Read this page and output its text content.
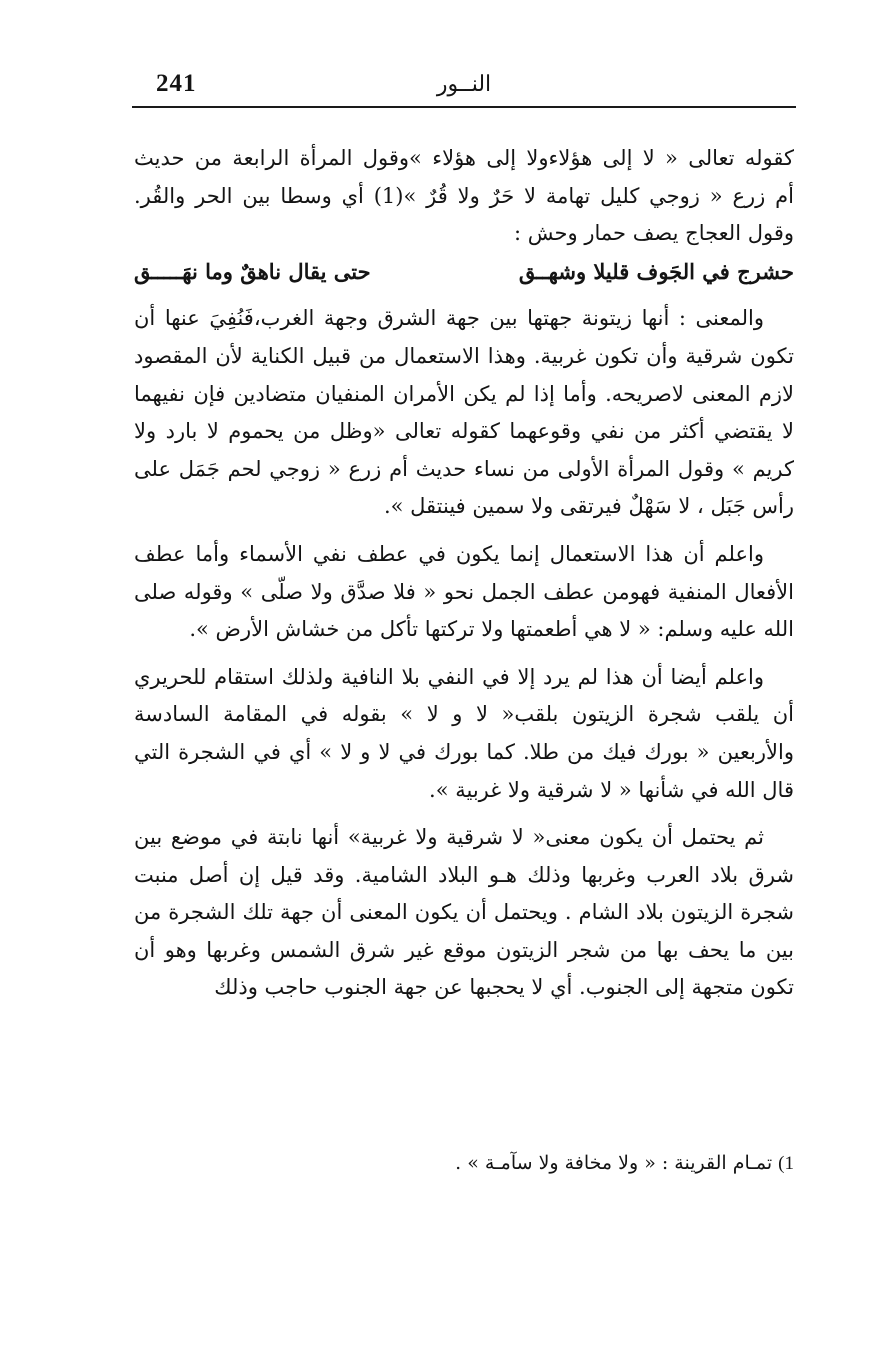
241	النــور

كقوله تعالى « لا إلى هؤلاءولا إلى هؤلاء »وقول المرأة الرابعة من حديث

أم زرع « زوجي كليل تهامة لا حَرٌ ولا قُرٌ »(1) أي وسطا بين الحر والقُر.

وقول العجاج يصف حمار وحش :

حشرج في الجَوف قليلا وشهــق
حتى يقال ناهقٌ وما نهَـــــق

والمعنى : أنها زيتونة جهتها بين جهة الشرق وجهة الغرب،فَنُفِيَ عنها أن تكون شرقية وأن تكون غربية. وهذا الاستعمال من قبيل الكناية لأن المقصود لازم المعنى لاصريحه. وأما إذا لم يكن الأمران المنفيان متضادين فإن نفيهما لا يقتضي أكثر من نفي وقوعهما كقوله تعالى «وظل من يحموم لا بارد ولا كريم » وقول المرأة الأولى من نساء حديث أم زرع « زوجي لحم جَمَل على رأس جَبَل ، لا سَهْلٌ فيرتقى ولا سمين فينتقل ».

واعلم أن هذا الاستعمال إنما يكون في عطف نفي الأسماء وأما عطف الأفعال المنفية فهومن عطف الجمل نحو « فلا صدَّق ولا صلّى » وقوله صلى الله عليه وسلم: « لا هي أطعمتها ولا تركتها تأكل من خشاش الأرض ».

واعلم أيضا أن هذا لم يرد إلا في النفي بلا النافية ولذلك استقام للحريري أن يلقب شجرة الزيتون بلقب« لا و لا » بقوله في المقامة السادسة والأربعين « بورك فيك من طلا. كما بورك في لا و لا » أي في الشجرة التي قال الله في شأنها « لا شرقية ولا غربية ».

ثم يحتمل أن يكون معنى« لا شرقية ولا غربية» أنها نابتة في موضع بين شرق بلاد العرب وغربها وذلك هـو البلاد الشامية. وقد قيل إن أصل منبت شجرة الزيتون بلاد الشام . ويحتمل أن يكون المعنى أن جهة تلك الشجرة من بين ما يحف بها من شجر الزيتون موقع غير شرق الشمس وغربها وهو أن تكون متجهة إلى الجنوب. أي لا يحجبها عن جهة الجنوب حاجب وذلك

1) تمـام القرينة : « ولا مخافة ولا سآمـة » .
